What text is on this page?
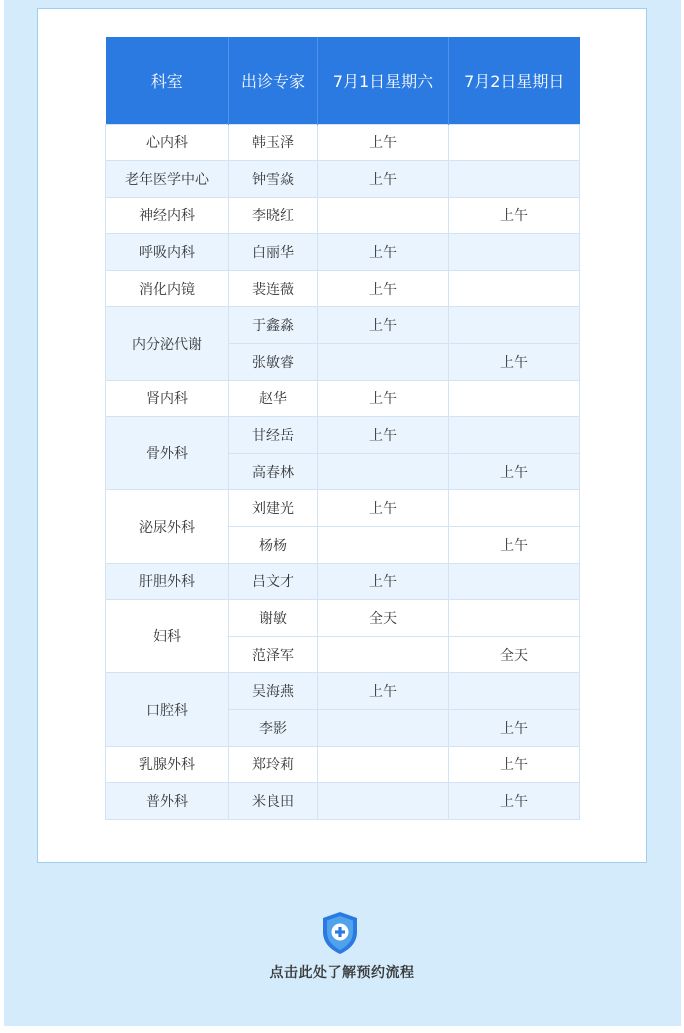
科室	出诊专家	7月1日星期六	7月2日星期日
心内科	韩玉泽	上午	
老年医学中心	钟雪焱	上午	
神经内科	李晓红		上午
呼吸内科	白丽华	上午	
消化内镜	裴连薇	上午	
内分泌代谢	于鑫淼	上午	
	张敏睿		上午
肾内科	赵华	上午	
骨外科	甘经岳	上午	
	高春林		上午
泌尿外科	刘建光	上午	
	杨杨		上午
肝胆外科	吕文才	上午	
妇科	谢敏	全天	
	范泽军		全天
口腔科	吴海燕	上午	
	李影		上午
乳腺外科	郑玲莉		上午
普外科	米良田		上午
点击此处了解预约流程
